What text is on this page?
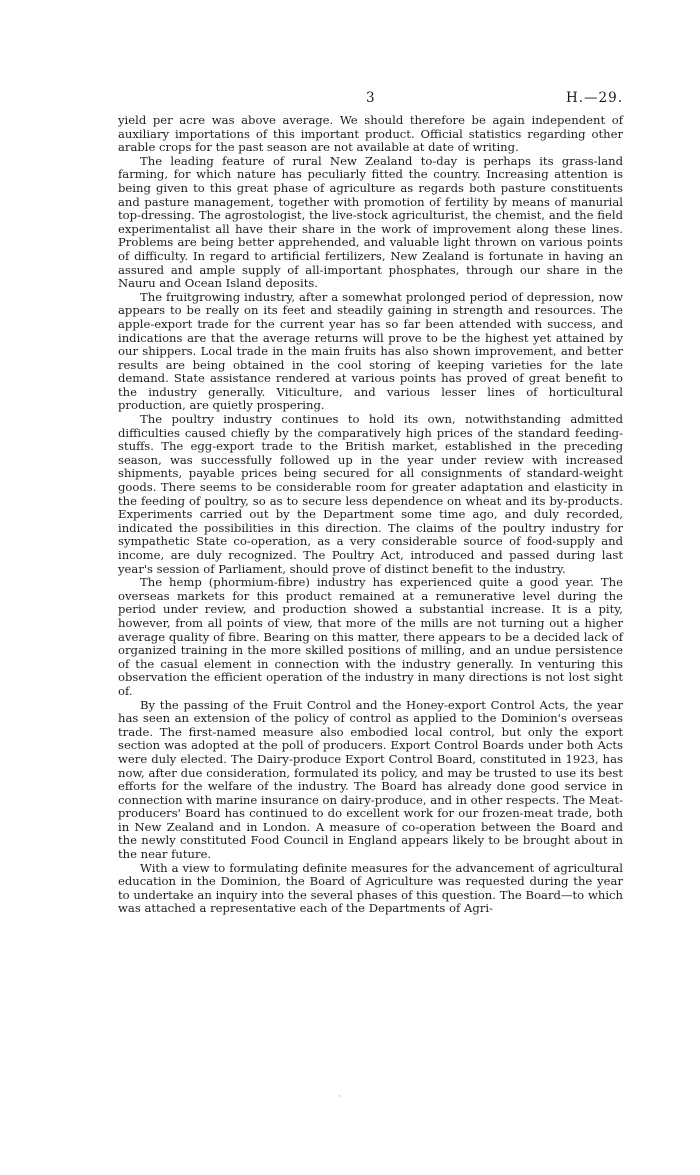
3	H.—29.

yield per acre was above average. We should therefore be again independent of auxiliary importations of this important product. Official statistics regarding other arable crops for the past season are not available at date of writing.

The leading feature of rural New Zealand to-day is perhaps its grass-land farming, for which nature has peculiarly fitted the country. Increasing attention is being given to this great phase of agriculture as regards both pasture constituents and pasture management, together with promotion of fertility by means of manurial top-dressing. The agrostologist, the live-stock agriculturist, the chemist, and the field experimentalist all have their share in the work of improvement along these lines. Problems are being better apprehended, and valuable light thrown on various points of difficulty. In regard to artificial fertilizers, New Zealand is fortunate in having an assured and ample supply of all-important phosphates, through our share in the Nauru and Ocean Island deposits.

The fruitgrowing industry, after a somewhat prolonged period of depression, now appears to be really on its feet and steadily gaining in strength and resources. The apple-export trade for the current year has so far been attended with success, and indications are that the average returns will prove to be the highest yet attained by our shippers. Local trade in the main fruits has also shown improvement, and better results are being obtained in the cool storing of keeping varieties for the late demand. State assistance rendered at various points has proved of great benefit to the industry generally. Viticulture, and various lesser lines of horticultural production, are quietly prospering.

The poultry industry continues to hold its own, notwithstanding admitted difficulties caused chiefly by the comparatively high prices of the standard feeding-stuffs. The egg-export trade to the British market, established in the preceding season, was successfully followed up in the year under review with increased shipments, payable prices being secured for all consignments of standard-weight goods. There seems to be considerable room for greater adaptation and elasticity in the feeding of poultry, so as to secure less dependence on wheat and its by-products. Experiments carried out by the Department some time ago, and duly recorded, indicated the possibilities in this direction. The claims of the poultry industry for sympathetic State co-operation, as a very considerable source of food-supply and income, are duly recognized. The Poultry Act, introduced and passed during last year's session of Parliament, should prove of distinct benefit to the industry.

The hemp (phormium-fibre) industry has experienced quite a good year. The overseas markets for this product remained at a remunerative level during the period under review, and production showed a substantial increase. It is a pity, however, from all points of view, that more of the mills are not turning out a higher average quality of fibre. Bearing on this matter, there appears to be a decided lack of organized training in the more skilled positions of milling, and an undue persistence of the casual element in connection with the industry generally. In venturing this observation the efficient operation of the industry in many directions is not lost sight of.

By the passing of the Fruit Control and the Honey-export Control Acts, the year has seen an extension of the policy of control as applied to the Dominion's overseas trade. The first-named measure also embodied local control, but only the export section was adopted at the poll of producers. Export Control Boards under both Acts were duly elected. The Dairy-produce Export Control Board, constituted in 1923, has now, after due consideration, formulated its policy, and may be trusted to use its best efforts for the welfare of the industry. The Board has already done good service in connection with marine insurance on dairy-produce, and in other respects. The Meat-producers' Board has continued to do excellent work for our frozen-meat trade, both in New Zealand and in London. A measure of co-operation between the Board and the newly constituted Food Council in England appears likely to be brought about in the near future.

With a view to formulating definite measures for the advancement of agricultural education in the Dominion, the Board of Agriculture was requested during the year to undertake an inquiry into the several phases of this question. The Board—to which was attached a representative each of the Departments of Agri-

·
